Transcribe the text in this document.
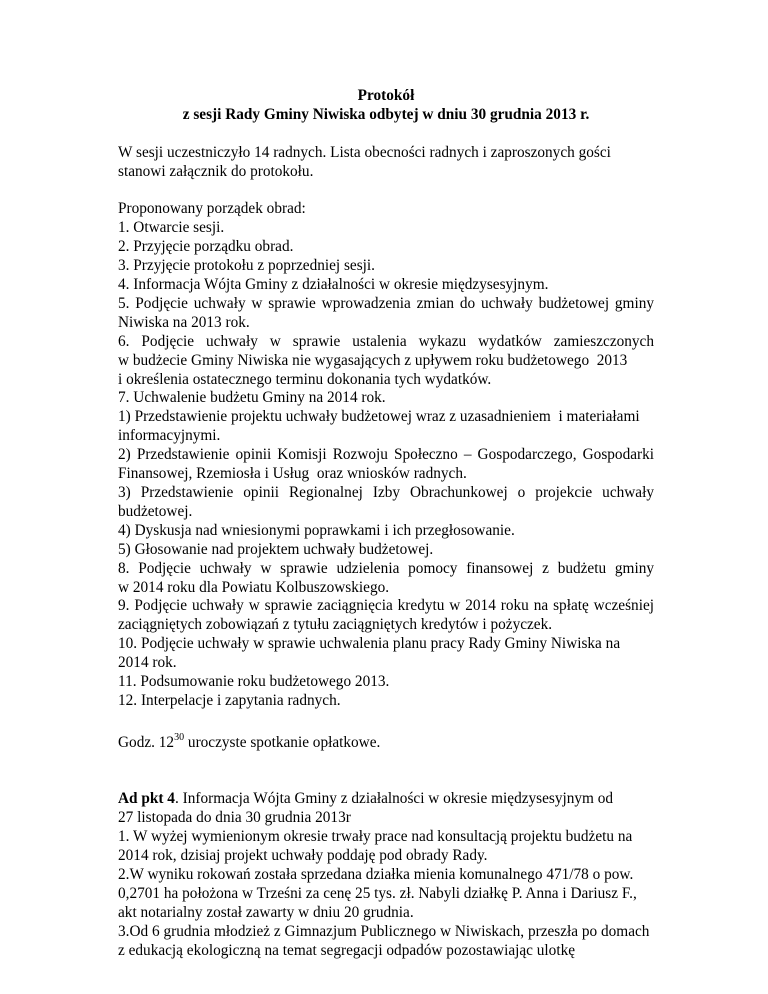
Protokół

z sesji Rady Gminy Niwiska odbytej w dniu 30 grudnia 2013 r.

W sesji uczestniczyło 14 radnych. Lista obecności radnych i zaproszonych gości

stanowi załącznik do protokołu.

Proponowany porządek obrad:

1. Otwarcie sesji.

2. Przyjęcie porządku obrad.

3. Przyjęcie protokołu z poprzedniej sesji.

4. Informacja Wójta Gminy z działalności w okresie międzysesyjnym.

5. Podjęcie uchwały w sprawie wprowadzenia zmian do uchwały budżetowej gminy

Niwiska na 2013 rok.

6. Podjęcie uchwały w sprawie ustalenia wykazu wydatków zamieszczonych

w budżecie Gminy Niwiska nie wygasających z upływem roku budżetowego  2013

i określenia ostatecznego terminu dokonania tych wydatków.

7. Uchwalenie budżetu Gminy na 2014 rok.

1) Przedstawienie projektu uchwały budżetowej wraz z uzasadnieniem  i materiałami

informacyjnymi.

2) Przedstawienie opinii Komisji Rozwoju Społeczno – Gospodarczego, Gospodarki

Finansowej, Rzemiosła i Usług  oraz wniosków radnych.

3) Przedstawienie opinii Regionalnej Izby Obrachunkowej o projekcie uchwały

budżetowej.

4) Dyskusja nad wniesionymi poprawkami i ich przegłosowanie.

5) Głosowanie nad projektem uchwały budżetowej.

8. Podjęcie uchwały w sprawie udzielenia pomocy finansowej z budżetu gminy

w 2014 roku dla Powiatu Kolbuszowskiego.

9. Podjęcie uchwały w sprawie zaciągnięcia kredytu w 2014 roku na spłatę wcześniej

zaciągniętych zobowiązań z tytułu zaciągniętych kredytów i pożyczek.

10. Podjęcie uchwały w sprawie uchwalenia planu pracy Rady Gminy Niwiska na

2014 rok.

11. Podsumowanie roku budżetowego 2013.

12. Interpelacje i zapytania radnych.

Godz. $12^{30}$ uroczyste spotkanie opłatkowe.

Ad pkt 4. Informacja Wójta Gminy z działalności w okresie międzysesyjnym od

27 listopada do dnia 30 grudnia 2013r

1. W wyżej wymienionym okresie trwały prace nad konsultacją projektu budżetu na

2014 rok, dzisiaj projekt uchwały poddaję pod obrady Rady.

2.W wyniku rokowań została sprzedana działka mienia komunalnego 471/78 o pow.

0,2701 ha położona w Trześni za cenę 25 tys. zł. Nabyli działkę P. Anna i Dariusz F.,

akt notarialny został zawarty w dniu 20 grudnia.

3.Od 6 grudnia młodzież z Gimnazjum Publicznego w Niwiskach, przeszła po domach

z edukacją ekologiczną na temat segregacji odpadów pozostawiając ulotkę
